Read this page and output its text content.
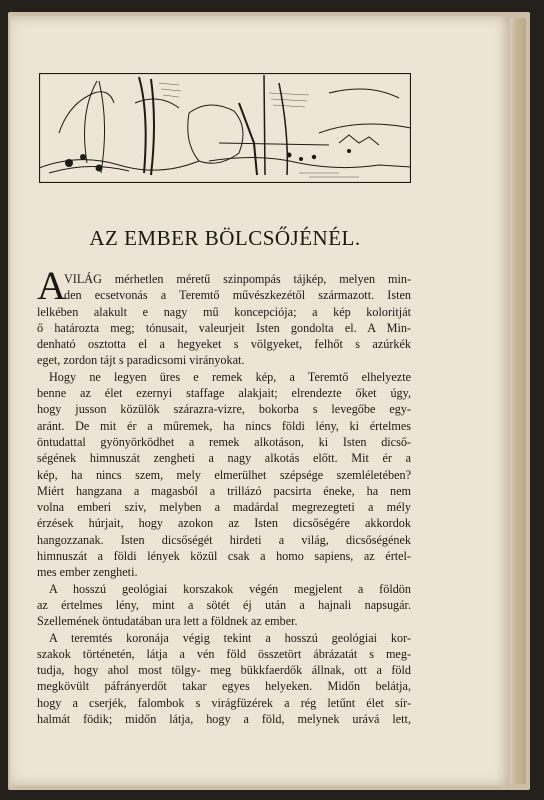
AZ EMBER BÖLCSŐJÉNÉL.
A
VILÁG mérhetlen méretű szinpompás tájkép, melyen min-
den ecsetvonás a Teremtő művészkezétől származott. Isten
lelkében alakult e nagy mű koncepciója; a kép koloritját
ő határozta meg; tónusait, valeurjeit Isten gondolta el. A Min-
denható osztotta el a hegyeket s völgyeket, felhőt s azúrkék
eget, zordon tájt s paradicsomi virányokat.
Hogy ne legyen üres e remek kép, a Teremtő elhelyezte
benne az élet ezernyi staffage alakjait; elrendezte őket úgy,
hogy jusson közülök szárazra-vizre, bokorba s levegőbe egy-
aránt. De mit ér a műremek, ha nincs földi lény, ki értelmes
öntudattal gyönyörködhet a remek alkotáson, ki Isten dicső-
ségének himnuszát zengheti a nagy alkotás előtt. Mit ér a
kép, ha nincs szem, mely elmerülhet szépsége szemléletében?
Miért hangzana a magasból a trillázó pacsirta éneke, ha nem
volna emberi sziv, melyben a madárdal megrezegteti a mély
érzések húrjait, hogy azokon az Isten dicsőségére akkordok
hangozzanak. Isten dicsőségét hirdeti a világ, dicsőségének
himnuszát a földi lények közül csak a homo sapiens, az értel-
mes ember zengheti.
A hosszú geológiai korszakok végén megjelent a földön
az értelmes lény, mint a sötét éj után a hajnali napsugár.
Szellemének öntudatában ura lett a földnek az ember.
A teremtés koronája végig tekint a hosszú geológiai kor-
szakok történetén, látja a vén föld összetört ábrázatát s meg-
tudja, hogy ahol most tölgy- meg bükkfaerdők állnak, ott a föld
megkövült páfrányerdőt takar egyes helyeken. Midőn belátja,
hogy a cserjék, falombok s virágfüzérek a rég letűnt élet sír-
halmát födik; midőn látja, hogy a föld, melynek urává lett,
